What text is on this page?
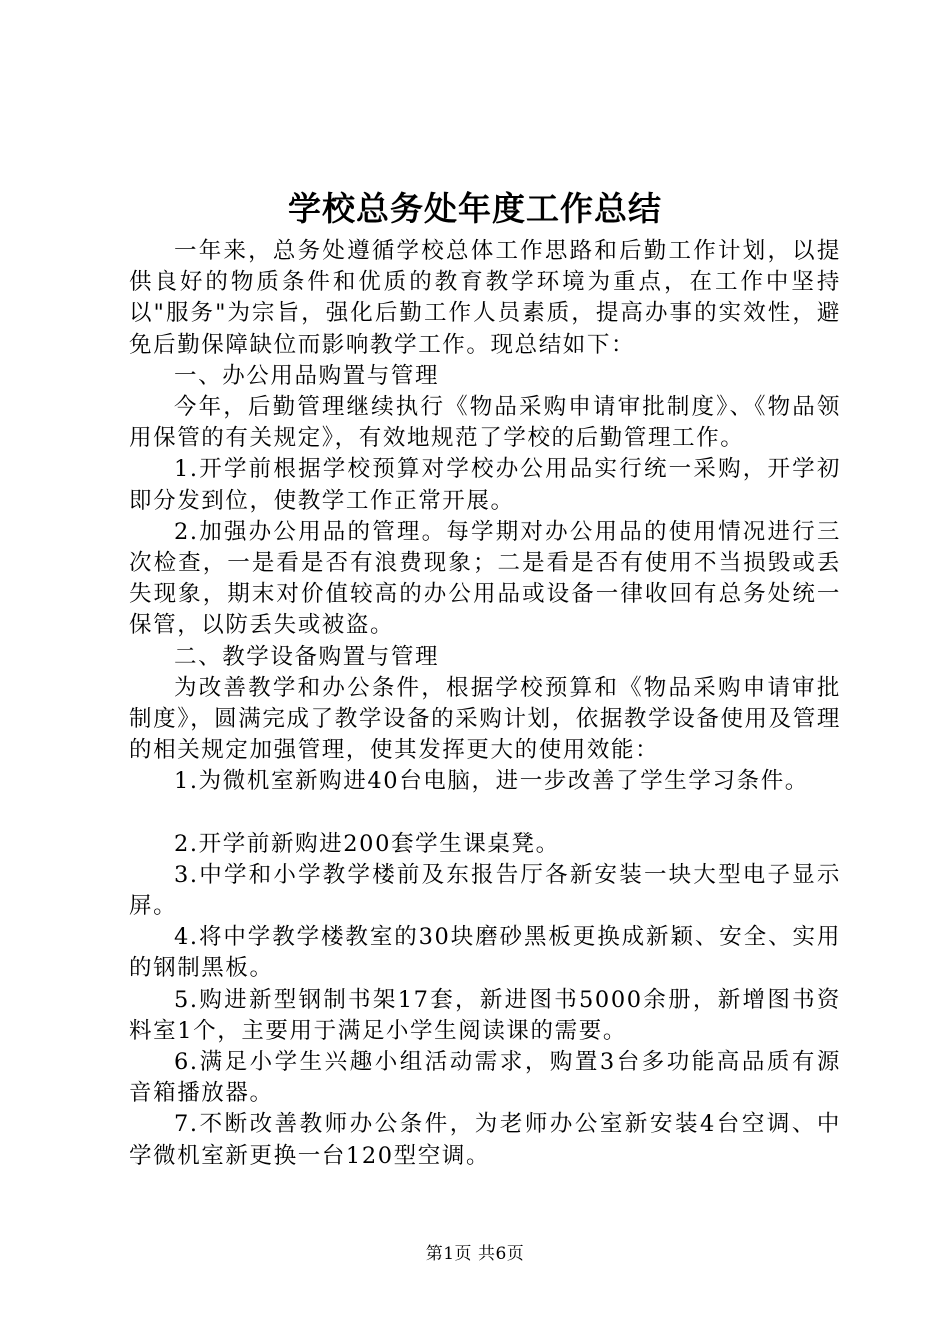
学校总务处年度工作总结

一年来，总务处遵循学校总体工作思路和后勤工作计划，以提供良好的物质条件和优质的教育教学环境为重点，在工作中坚持以"服务"为宗旨，强化后勤工作人员素质，提高办事的实效性，避免后勤保障缺位而影响教学工作。现总结如下：

一、办公用品购置与管理

今年，后勤管理继续执行《物品采购申请审批制度》、《物品领用保管的有关规定》，有效地规范了学校的后勤管理工作。

1.开学前根据学校预算对学校办公用品实行统一采购，开学初即分发到位，使教学工作正常开展。

2.加强办公用品的管理。每学期对办公用品的使用情况进行三次检查，一是看是否有浪费现象；二是看是否有使用不当损毁或丢失现象，期末对价值较高的办公用品或设备一律收回有总务处统一保管，以防丢失或被盗。

二、教学设备购置与管理

为改善教学和办公条件，根据学校预算和《物品采购申请审批制度》，圆满完成了教学设备的采购计划，依据教学设备使用及管理的相关规定加强管理，使其发挥更大的使用效能：

1.为微机室新购进40台电脑，进一步改善了学生学习条件。

2.开学前新购进200套学生课桌凳。

3.中学和小学教学楼前及东报告厅各新安装一块大型电子显示屏。

4.将中学教学楼教室的30块磨砂黑板更换成新颖、安全、实用的钢制黑板。

5.购进新型钢制书架17套，新进图书5000余册，新增图书资料室1个，主要用于满足小学生阅读课的需要。

6.满足小学生兴趣小组活动需求，购置3台多功能高品质有源音箱播放器。

7.不断改善教师办公条件，为老师办公室新安装4台空调、中学微机室新更换一台120型空调。

第1页 共6页
